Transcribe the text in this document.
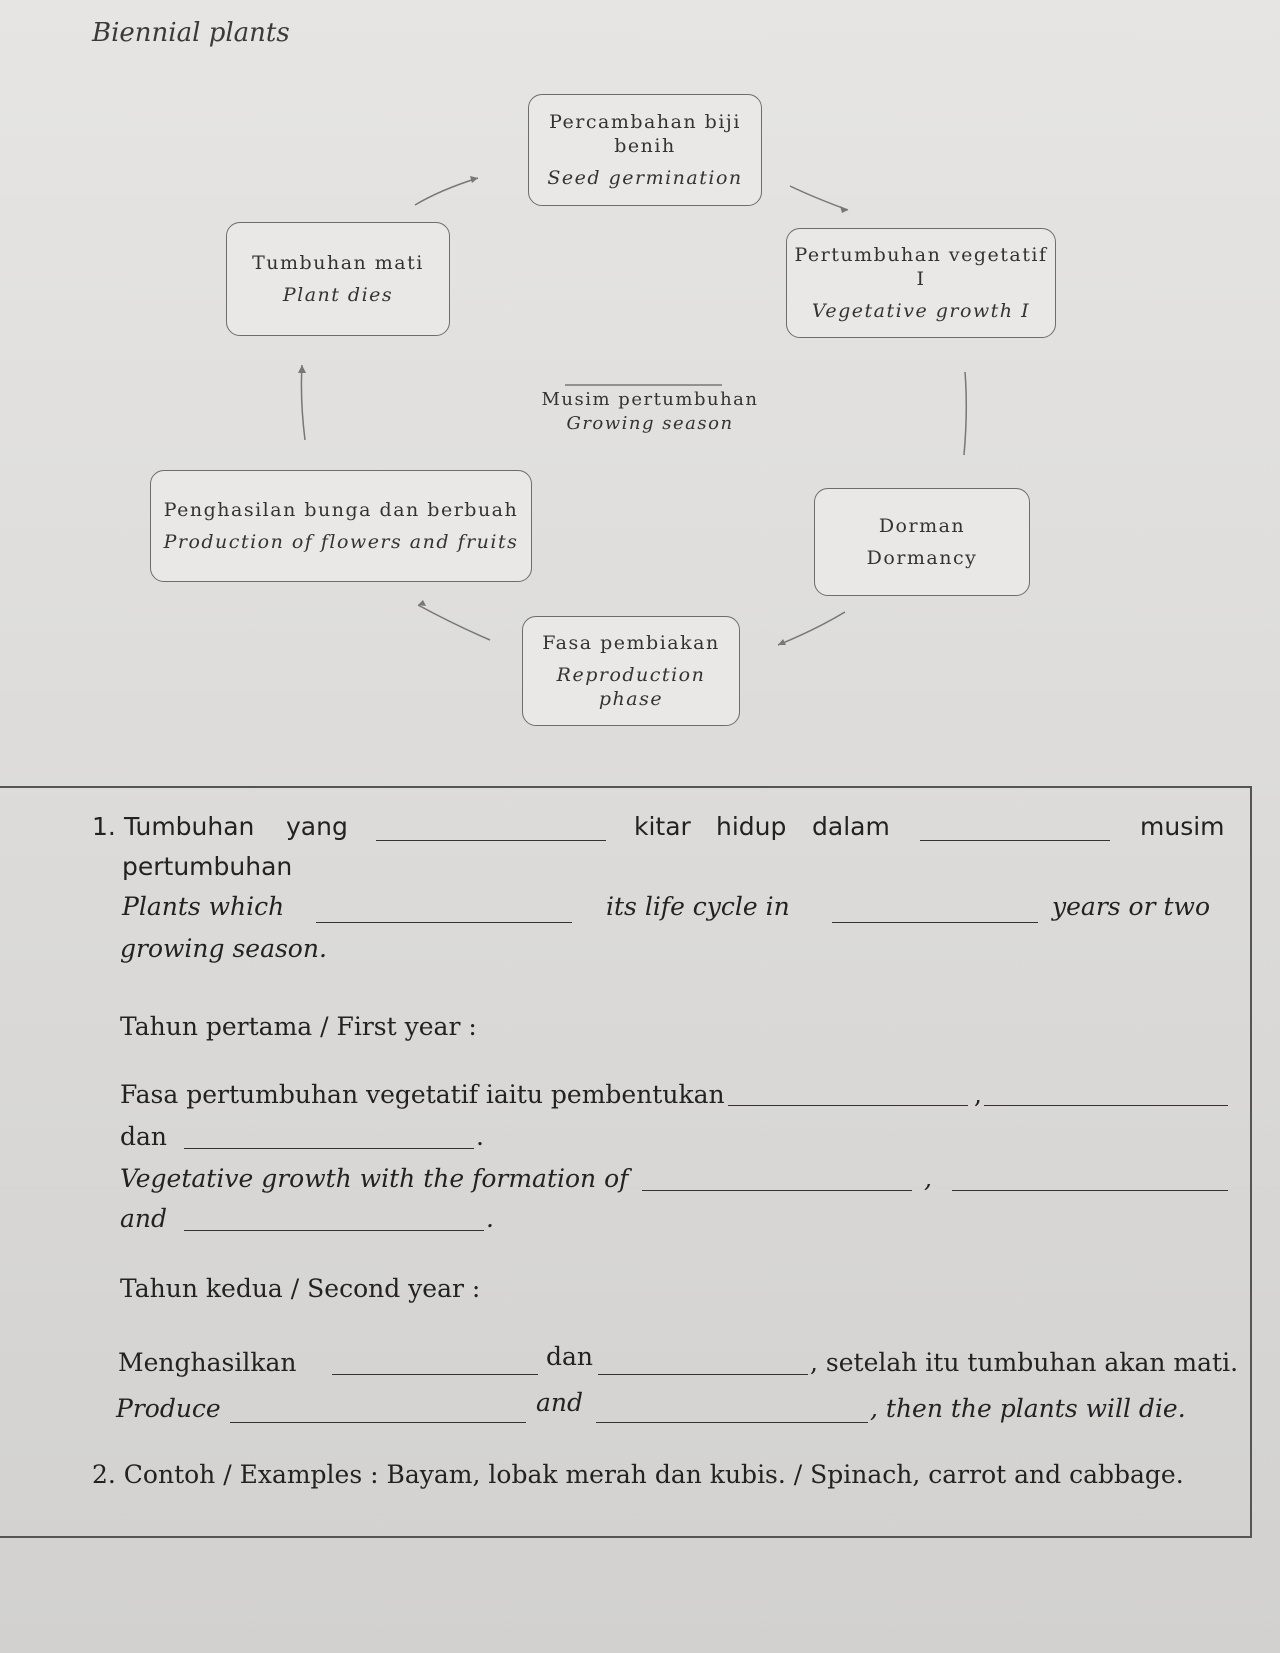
Biennial plants
Percambahan biji benih
Seed germination
Pertumbuhan vegetatif I
Vegetative growth I
Tumbuhan mati
Plant dies
Musim pertumbuhan
Growing season
Penghasilan bunga dan berbuah
Production of flowers and fruits
Dorman
Dormancy
Fasa pembiakan
Reproduction phase
1. Tumbuhan yang	kitar hidup dalam	musim
pertumbuhan
Plants which	its life cycle in	years or two
growing season.
Tahun pertama / First year :
Fasa pertumbuhan vegetatif iaitu pembentukan	,
dan	.
Vegetative growth with the formation of	,
and	.
Tahun kedua / Second year :
Menghasilkan	dan	, setelah itu tumbuhan akan mati.
Produce	and	, then the plants will die.
2. Contoh / Examples : Bayam, lobak merah dan kubis. / Spinach, carrot and cabbage.
